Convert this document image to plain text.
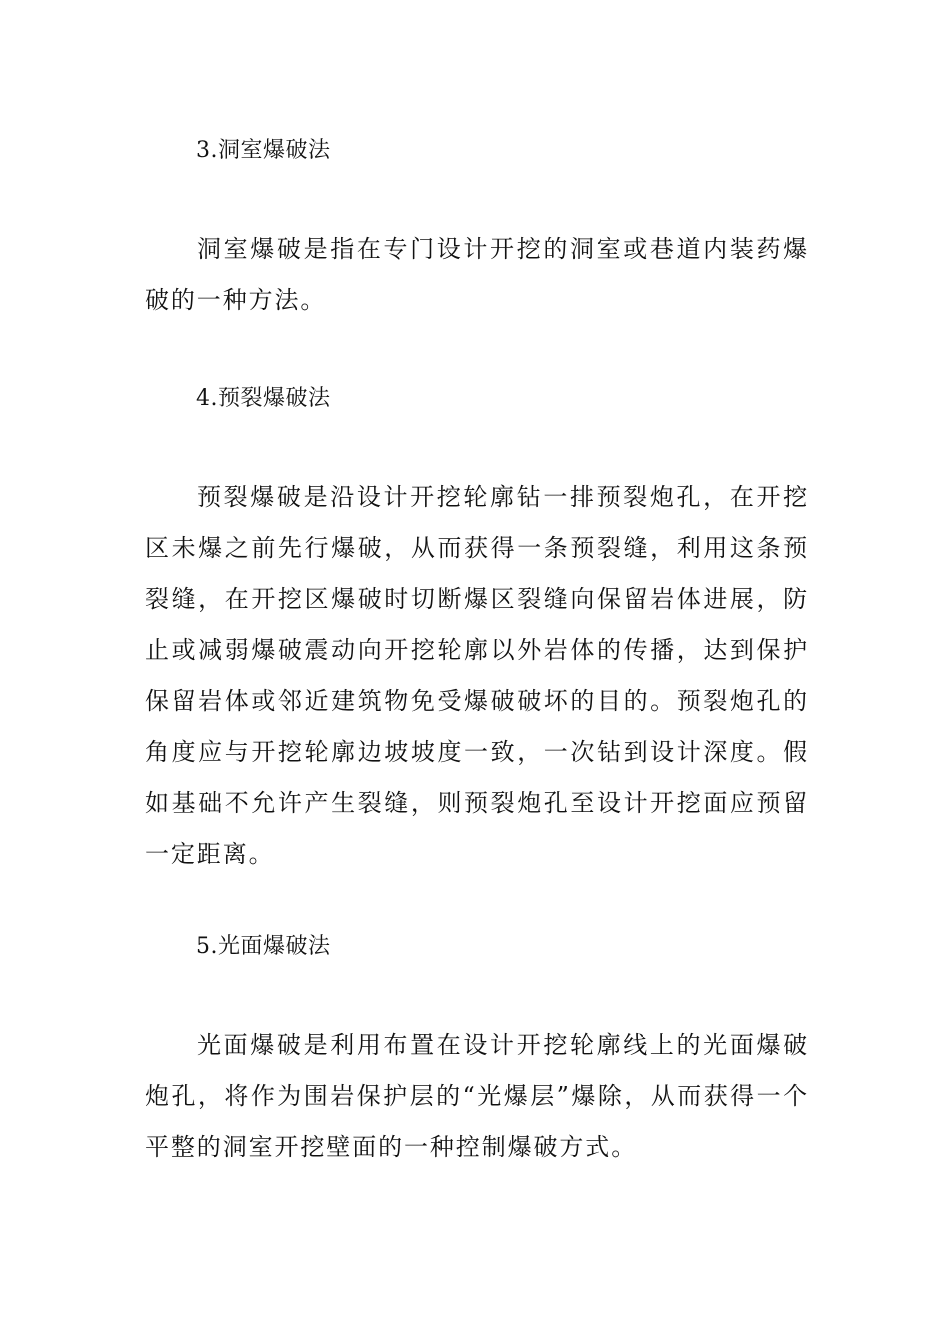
3.洞室爆破法

洞室爆破是指在专门设计开挖的洞室或巷道内装药爆破的一种方法。

4.预裂爆破法

预裂爆破是沿设计开挖轮廓钻一排预裂炮孔，在开挖区未爆之前先行爆破，从而获得一条预裂缝，利用这条预裂缝，在开挖区爆破时切断爆区裂缝向保留岩体进展，防止或减弱爆破震动向开挖轮廓以外岩体的传播，达到保护保留岩体或邻近建筑物免受爆破破坏的目的。预裂炮孔的角度应与开挖轮廓边坡坡度一致，一次钻到设计深度。假如基础不允许产生裂缝，则预裂炮孔至设计开挖面应预留一定距离。

5.光面爆破法

光面爆破是利用布置在设计开挖轮廓线上的光面爆破炮孔，将作为围岩保护层的“光爆层”爆除，从而获得一个平整的洞室开挖壁面的一种控制爆破方式。
